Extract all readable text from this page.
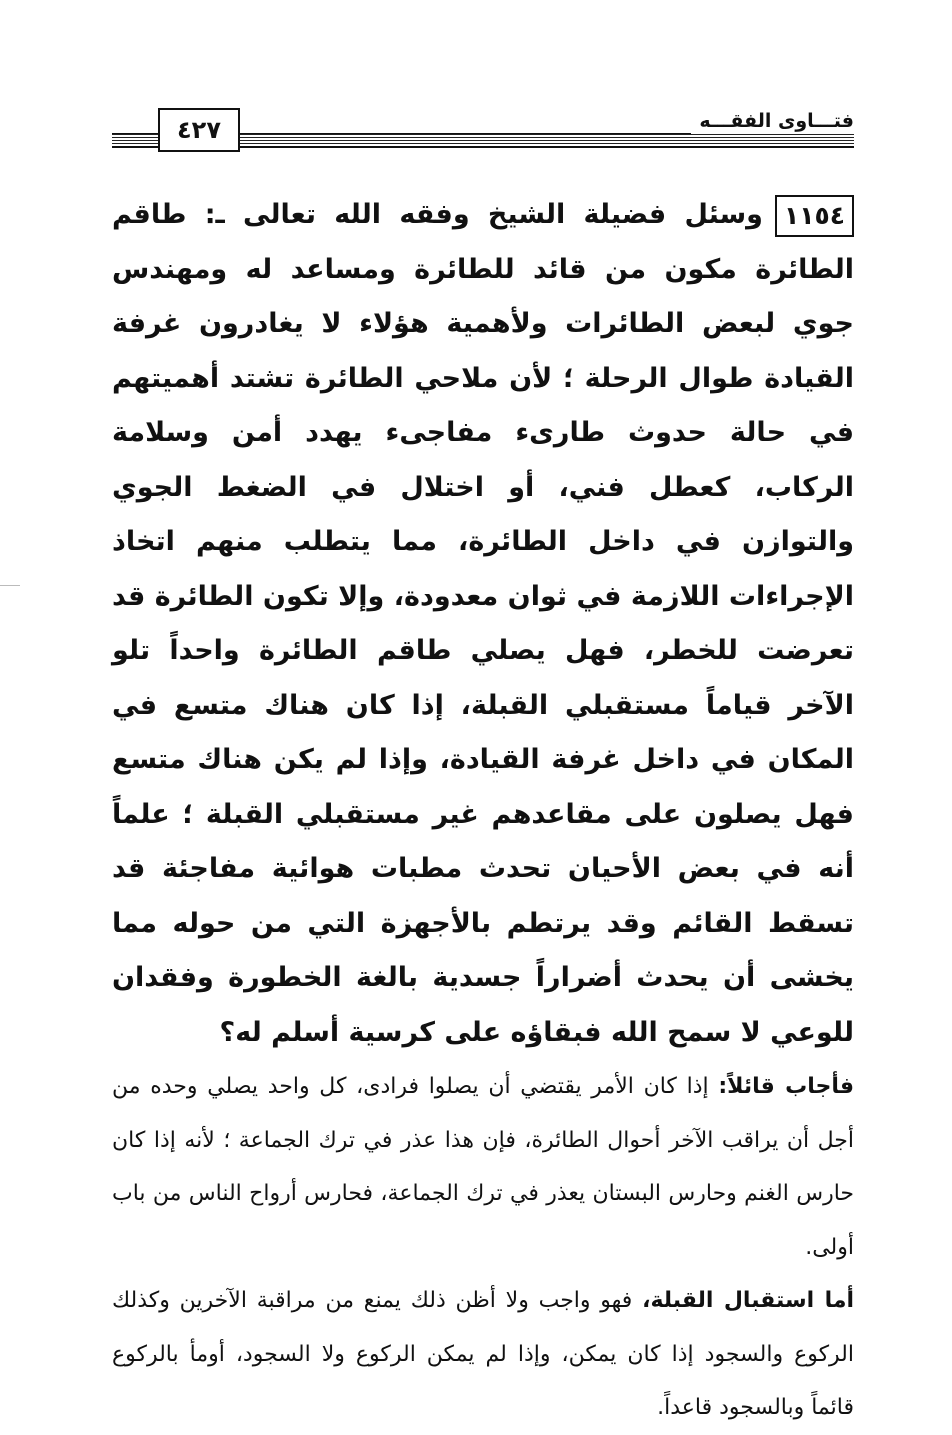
٤٢٧	فتـــاوى الفقـــه

١١٥٤وسئل فضيلة الشيخ وفقه الله تعالى ـ: طاقم الطائرة مكون من قائد للطائرة ومساعد له ومهندس جوي لبعض الطائرات ولأهمية هؤلاء لا يغادرون غرفة القيادة طوال الرحلة ؛ لأن ملاحي الطائرة تشتد أهميتهم في حالة حدوث طارىء مفاجىء يهدد أمن وسلامة الركاب، كعطل فني، أو اختلال في الضغط الجوي والتوازن في داخل الطائرة، مما يتطلب منهم اتخاذ الإجراءات اللازمة في ثوان معدودة، وإلا تكون الطائرة قد تعرضت للخطر، فهل يصلي طاقم الطائرة واحداً تلو الآخر قياماً مستقبلي القبلة، إذا كان هناك متسع في المكان في داخل غرفة القيادة، وإذا لم يكن هناك متسع فهل يصلون على مقاعدهم غير مستقبلي القبلة ؛ علماً أنه في بعض الأحيان تحدث مطبات هوائية مفاجئة قد تسقط القائم وقد يرتطم بالأجهزة التي من حوله مما يخشى أن يحدث أضراراً جسدية بالغة الخطورة وفقدان للوعي لا سمح الله فبقاؤه على كرسية أسلم له؟

فأجاب قائلاً: إذا كان الأمر يقتضي أن يصلوا فرادى، كل واحد يصلي وحده من أجل أن يراقب الآخر أحوال الطائرة، فإن هذا عذر في ترك الجماعة ؛ لأنه إذا كان حارس الغنم وحارس البستان يعذر في ترك الجماعة، فحارس أرواح الناس من باب أولى.

أما استقبال القبلة، فهو واجب ولا أظن ذلك يمنع من مراقبة الآخرين وكذلك الركوع والسجود إذا كان يمكن، وإذا لم يمكن الركوع ولا السجود، أومأ بالركوع قائماً وبالسجود قاعداً.
